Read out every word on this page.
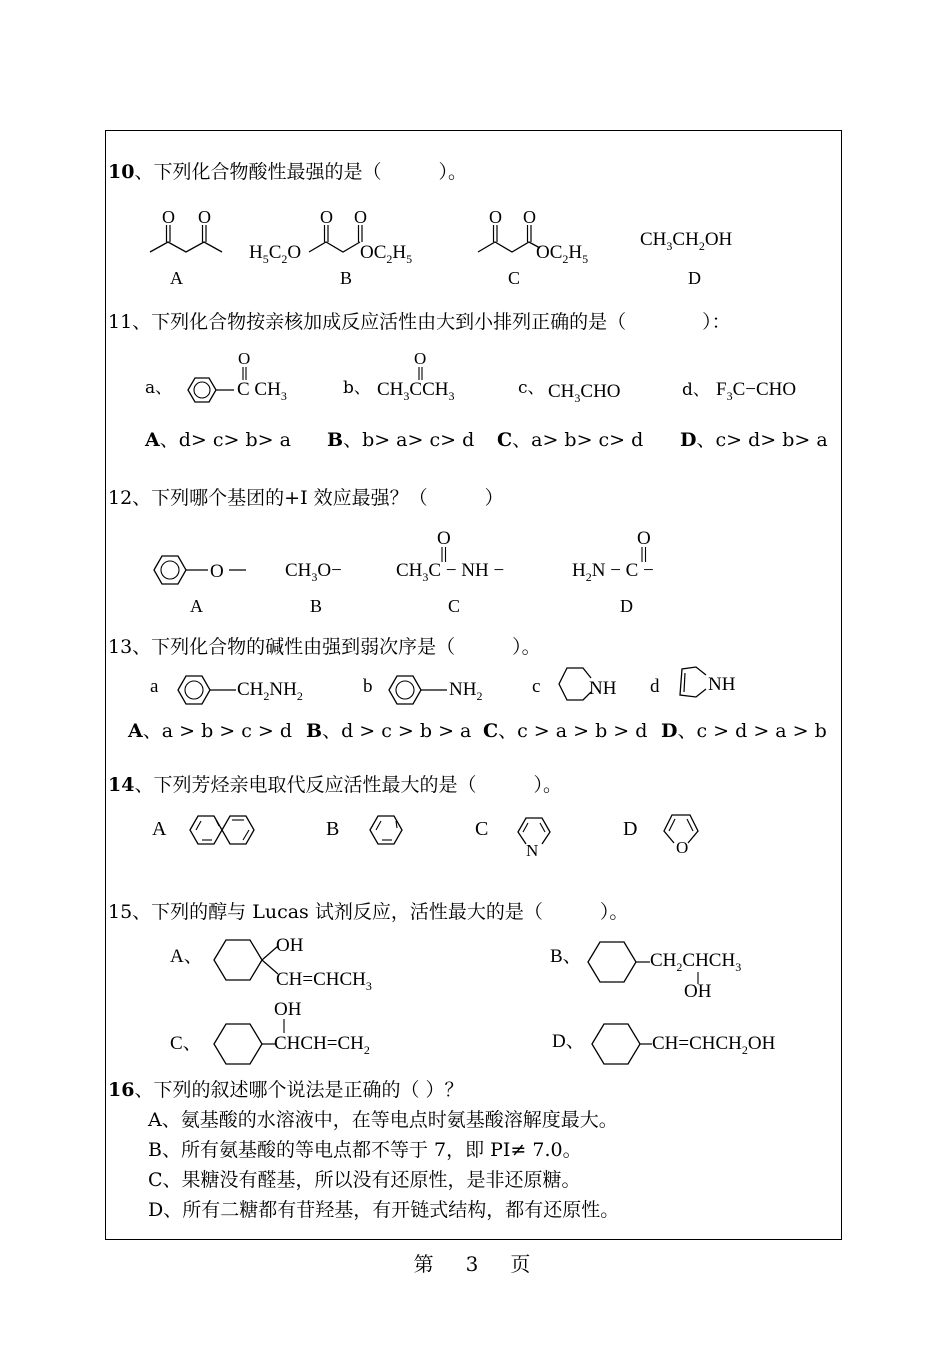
10、下列化合物酸性最强的是（　　　）。
O O
A
O O
$H_5C_2O$	$OC_2H_5$
B
O O
$OC_2H_5$
C
$CH_3CH_2OH$
D
11、下列化合物按亲核加成反应活性由大到小排列正确的是（　　　　）：
a、
O
C $CH_3$	b、
O
$CH_3CCH_3$	c、 $CH_3CHO$	d、 $F_3C-CHO$
A、d> c> b> a B、b> a> c> d C、a> b> c> d D、c> d> b> a
12、下列哪个基团的+I 效应最强？（　　　）
O
A
$CH_3O-$
B
O
$CH_3C$ − NH −
C
O
$H_2N - C$ −
D
13、下列化合物的碱性由强到弱次序是（　　　）。
a	$CH_2NH_2$	b	$NH_2$	c	NH d	NH
A、a > b > c > d B、d > c > b > a C、c > a > b > d D、c > d > a > b
14、下列芳烃亲电取代反应活性最大的是（　　　）。
A	B	C
N
D
O
15、下列的醇与 Lucas 试剂反应，活性最大的是（　　　）。
A、
OH
$CH=CHCH_3$
B、	$CH_2CHCH_3$
OH
C、
OH
$CHCH=CH_2$	D、	$CH=CHCH_2OH$
16、下列的叙述哪个说法是正确的（ ）？
A、氨基酸的水溶液中，在等电点时氨基酸溶解度最大。
B、所有氨基酸的等电点都不等于 7，即 PI≠ 7.0。
C、果糖没有醛基，所以没有还原性，是非还原糖。
D、所有二糖都有苷羟基，有开链式结构，都有还原性。
第　3　页
